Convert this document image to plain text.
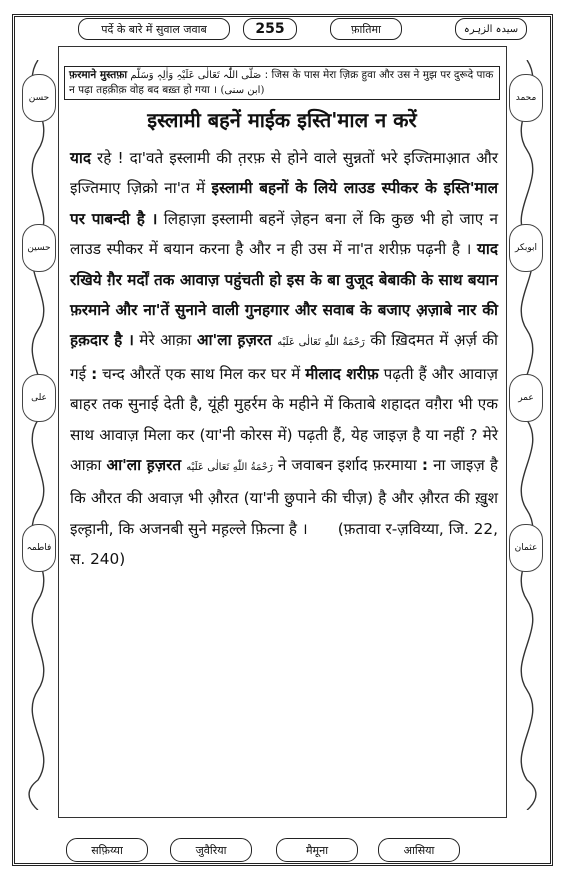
حسن
حسین
علی
فاطمہ
محمد
ابوبکر
عمر
عثمان
पर्दे के बारे में सुवाल जवाब	255	फ़ातिमा	سیدہ الزہرہ
फ़रमाने मुस्तफ़ा صَلَّی اللّٰہ تَعَالٰی عَلَیْہِ وَاٰلِہٖ وَسَلَّم : जिस के पास मेरा ज़िक्र हुवा और उस ने मुझ पर दुरूदे पाक न पढ़ा तहक़ीक़ वोह बद बख़्त हो गया । (ابن سنی)
इस्लामी बहनें माईक इस्ति'माल न करें
याद रहे ! दा'वते इस्लामी की त़रफ़ से होने वाले सुन्नतों भरे इज्तिमाआ़त और इज्तिमाए ज़िक्रो ना'त में इस्लामी बहनों के लिये लाउड स्पीकर के इस्ति'माल पर पाबन्दी है । लिहाज़ा इस्लामी बहनें ज़ेहन बना लें कि कुछ भी हो जाए न लाउड स्पीकर में बयान करना है और न ही उस में ना'त शरीफ़ पढ़नी है । याद रखिये ग़ैर मर्दों तक आवाज़ पहुंचती हो इस के बा वुजूद बेबाकी के साथ बयान फ़रमाने और ना'तें सुनाने वाली गुनहगार और सवाब के बजाए अ़ज़ाबे नार की ह़क़दार है । मेरे आक़ा आ'ला ह़ज़रत رَحْمَةُ اللّٰهِ تَعَالٰی عَلَیْه की ख़िदमत में अ़र्ज़ की गई : चन्द औरतें एक साथ मिल कर घर में मीलाद शरीफ़ पढ़ती हैं और आवाज़ बाहर तक सुनाई देती है, यूंही मुहर्रम के महीने में किताबे शहादत वग़ैरा भी एक साथ आवाज़ मिला कर (या'नी कोरस में) पढ़ती हैं, येह जाइज़ है या नहीं ? मेरे आक़ा आ'ला ह़ज़रत رَحْمَةُ اللّٰهِ تَعَالٰی عَلَیْه ने जवाबन इर्शाद फ़रमाया : ना जाइज़ है कि औरत की अवाज़ भी औ़रत (या'नी छुपाने की चीज़) है और औ़रत की ख़ुश इल्ह़ानी, कि अजनबी सुने मह़ल्ले फ़ित्ना है । (फ़तावा र-ज़विय्या, जि. 22, स. 240)
सफ़िय्या	जुवैरिया	मैमूना	आसिया
